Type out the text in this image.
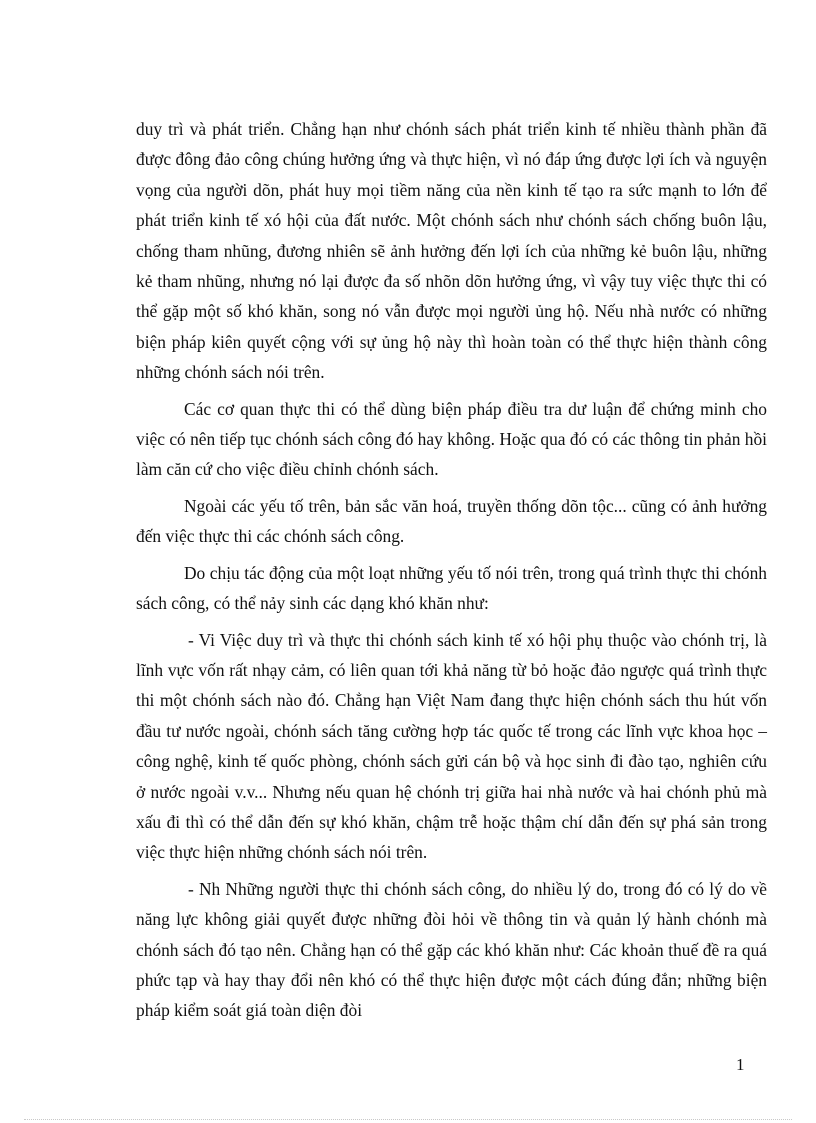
duy trì và phát triển. Chẳng hạn như chónh sách phát triển kinh tế nhiều thành phần đã được đông đảo công chúng hưởng ứng và thực hiện, vì nó đáp ứng được lợi ích và nguyện vọng của người dõn, phát huy mọi tiềm năng của nền kinh tế tạo ra sức mạnh to lớn để phát triển kinh tế xó hội của đất nước. Một chónh sách như chónh sách chống buôn lậu, chống tham nhũng, đương nhiên sẽ ảnh hưởng đến lợi ích của những kẻ buôn lậu, những kẻ tham nhũng, nhưng nó lại được đa số nhõn dõn hưởng ứng, vì vậy tuy việc thực thi có thể gặp một số khó khăn, song nó vẫn được mọi người ủng hộ. Nếu nhà nước có những biện pháp kiên quyết cộng với sự ủng hộ này thì hoàn toàn có thể thực hiện thành công những chónh sách nói trên.

Các cơ quan thực thi có thể dùng biện pháp điều tra dư luận để chứng minh cho việc có nên tiếp tục chónh sách công đó hay không. Hoặc qua đó có các thông tin phản hồi làm căn cứ cho việc điều chỉnh chónh sách.

Ngoài các yếu tố trên, bản sắc văn hoá, truyền thống dõn tộc... cũng có ảnh hưởng đến việc thực thi các chónh sách công.

Do chịu tác động của một loạt những yếu tố nói trên, trong quá trình thực thi chónh sách công, có thể nảy sinh các dạng khó khăn như:

- Vi Việc duy trì và thực thi chónh sách kinh tế xó hội phụ thuộc vào chónh trị, là lĩnh vực vốn rất nhạy cảm, có liên quan tới khả năng từ bỏ hoặc đảo ngược quá trình thực thi một chónh sách nào đó. Chẳng hạn Việt Nam đang thực hiện chónh sách thu hút vốn đầu tư nước ngoài, chónh sách tăng cường hợp tác quốc tế trong các lĩnh vực khoa học – công nghệ, kinh tế quốc phòng, chónh sách gửi cán bộ và học sinh đi đào tạo, nghiên cứu ở nước ngoài v.v... Nhưng nếu quan hệ chónh trị giữa hai nhà nước và hai chónh phủ mà xấu đi thì có thể dẫn đến sự khó khăn, chậm trễ hoặc thậm chí dẫn đến sự phá sản trong việc thực hiện những chónh sách nói trên.

- Nh Những người thực thi chónh sách công, do nhiều lý do, trong đó có lý do về năng lực không giải quyết được những đòi hỏi về thông tin và quản lý hành chónh mà chónh sách đó tạo nên. Chẳng hạn có thể gặp các khó khăn như: Các khoản thuế đề ra quá phức tạp và hay thay đổi nên khó có thể thực hiện được một cách đúng đắn; những biện pháp kiểm soát giá toàn diện đòi

1
